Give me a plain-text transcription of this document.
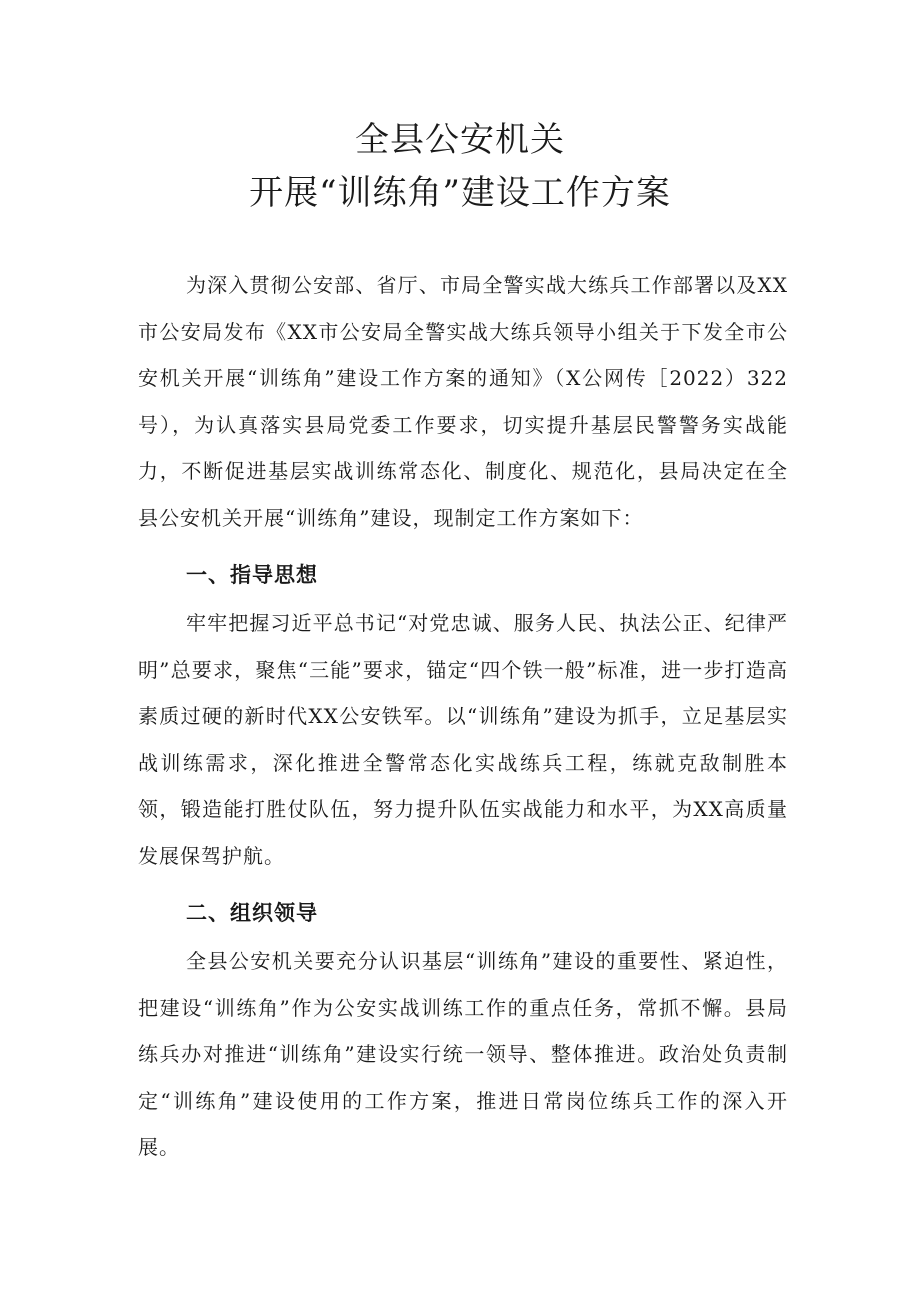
全县公安机关
开展“训练角”建设工作方案

为深入贯彻公安部、省厅、市局全警实战大练兵工作部署以及XX市公安局发布《XX市公安局全警实战大练兵领导小组关于下发全市公安机关开展“训练角”建设工作方案的通知》（X公网传［2022）322号），为认真落实县局党委工作要求，切实提升基层民警警务实战能力，不断促进基层实战训练常态化、制度化、规范化，县局决定在全县公安机关开展“训练角”建设，现制定工作方案如下：

一、指导思想

牢牢把握习近平总书记“对党忠诚、服务人民、执法公正、纪律严明”总要求，聚焦“三能”要求，锚定“四个铁一般”标准，进一步打造高素质过硬的新时代XX公安铁军。以“训练角”建设为抓手，立足基层实战训练需求，深化推进全警常态化实战练兵工程，练就克敌制胜本领，锻造能打胜仗队伍，努力提升队伍实战能力和水平，为XX高质量发展保驾护航。

二、组织领导

全县公安机关要充分认识基层“训练角”建设的重要性、紧迫性，把建设“训练角”作为公安实战训练工作的重点任务，常抓不懈。县局练兵办对推进“训练角”建设实行统一领导、整体推进。政治处负责制定“训练角”建设使用的工作方案，推进日常岗位练兵工作的深入开展。
